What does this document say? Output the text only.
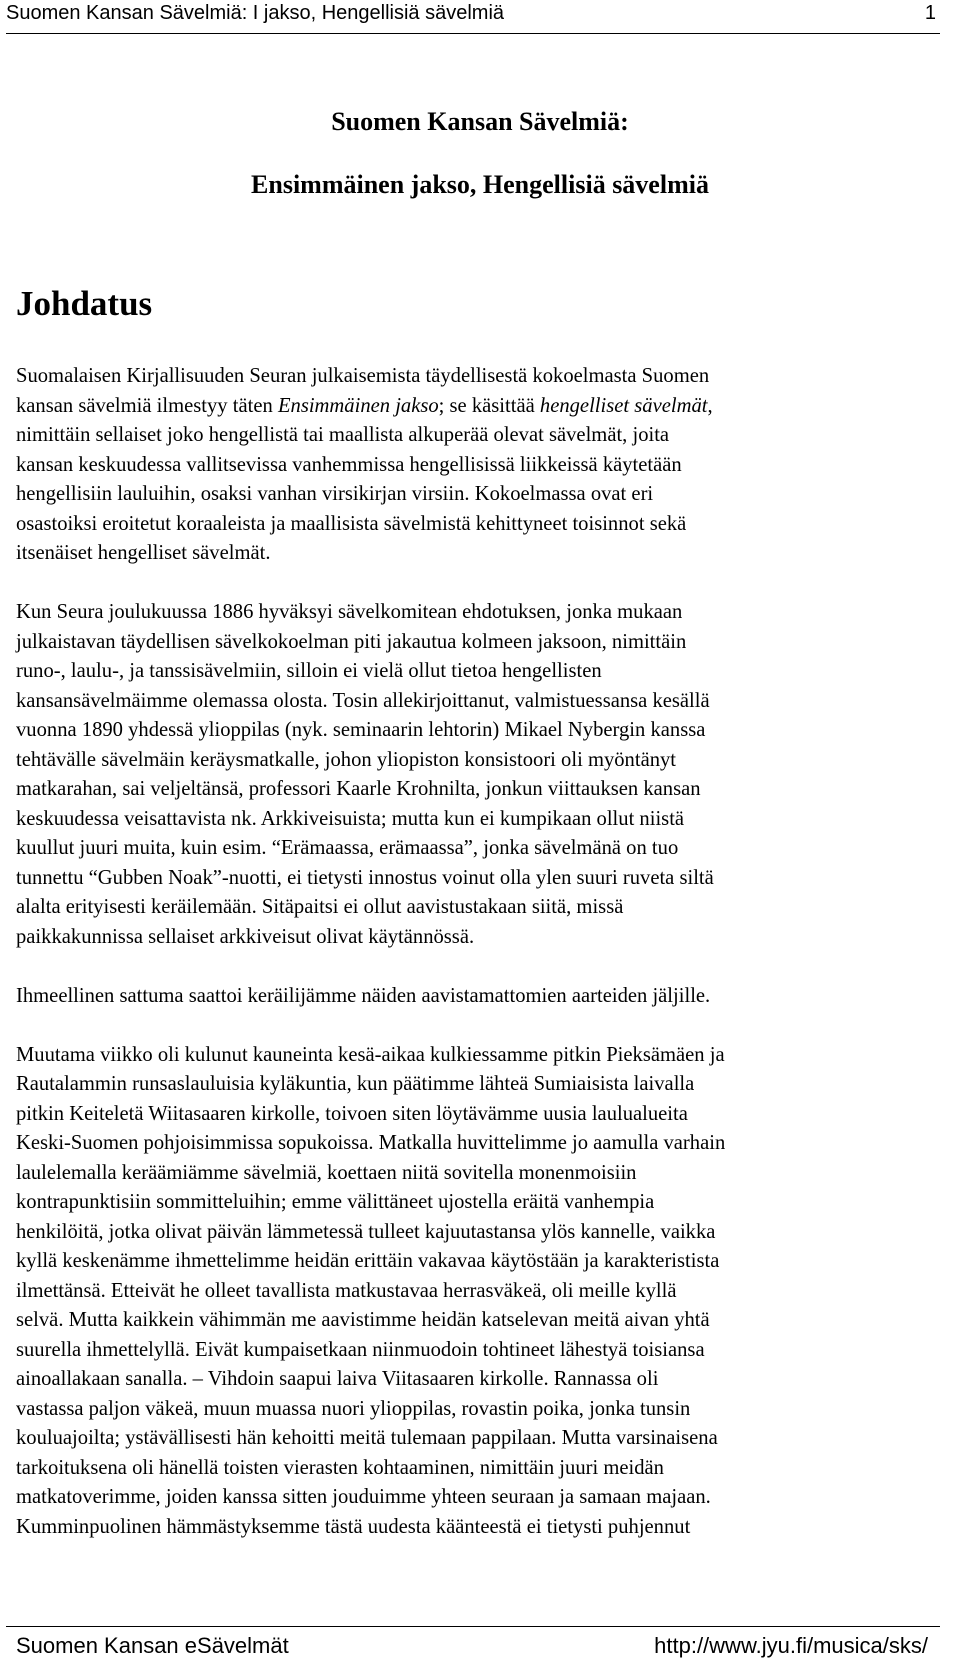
Suomen Kansan Sävelmiä: I jakso, Hengellisiä sävelmiä	1
Suomen Kansan Sävelmiä:
Ensimmäinen jakso, Hengellisiä sävelmiä
Johdatus

Suomalaisen Kirjallisuuden Seuran julkaisemista täydellisestä kokoelmasta Suomen
kansan sävelmiä ilmestyy täten Ensimmäinen jakso; se käsittää hengelliset sävelmät,
nimittäin sellaiset joko hengellistä tai maallista alkuperää olevat sävelmät, joita
kansan keskuudessa vallitsevissa vanhemmissa hengellisissä liikkeissä käytetään
hengellisiin lauluihin, osaksi vanhan virsikirjan virsiin. Kokoelmassa ovat eri
osastoiksi eroitetut koraaleista ja maallisista sävelmistä kehittyneet toisinnot sekä
itsenäiset hengelliset sävelmät.

Kun Seura joulukuussa 1886 hyväksyi sävelkomitean ehdotuksen, jonka mukaan
julkaistavan täydellisen sävelkokoelman piti jakautua kolmeen jaksoon, nimittäin
runo-, laulu-, ja tanssisävelmiin, silloin ei vielä ollut tietoa hengellisten
kansansävelmäimme olemassa olosta. Tosin allekirjoittanut, valmistuessansa kesällä
vuonna 1890 yhdessä ylioppilas (nyk. seminaarin lehtorin) Mikael Nybergin kanssa
tehtävälle sävelmäin keräysmatkalle, johon yliopiston konsistoori oli myöntänyt
matkarahan, sai veljeltänsä, professori Kaarle Krohnilta, jonkun viittauksen kansan
keskuudessa veisattavista nk. Arkkiveisuista; mutta kun ei kumpikaan ollut niistä
kuullut juuri muita, kuin esim. “Erämaassa, erämaassa”, jonka sävelmänä on tuo
tunnettu “Gubben Noak”-nuotti, ei tietysti innostus voinut olla ylen suuri ruveta siltä
alalta erityisesti keräilemään. Sitäpaitsi ei ollut aavistustakaan siitä, missä
paikkakunnissa sellaiset arkkiveisut olivat käytännössä.

Ihmeellinen sattuma saattoi keräilijämme näiden aavistamattomien aarteiden jäljille.

Muutama viikko oli kulunut kauneinta kesä-aikaa kulkiessamme pitkin Pieksämäen ja
Rautalammin runsaslauluisia kyläkuntia, kun päätimme lähteä Sumiaisista laivalla
pitkin Keiteletä Wiitasaaren kirkolle, toivoen siten löytävämme uusia laulualueita
Keski-Suomen pohjoisimmissa sopukoissa. Matkalla huvittelimme jo aamulla varhain
laulelemalla keräämiämme sävelmiä, koettaen niitä sovitella monenmoisiin
kontrapunktisiin sommitteluihin; emme välittäneet ujostella eräitä vanhempia
henkilöitä, jotka olivat päivän lämmetessä tulleet kajuutastansa ylös kannelle, vaikka
kyllä keskenämme ihmettelimme heidän erittäin vakavaa käytöstään ja karakteristista
ilmettänsä. Etteivät he olleet tavallista matkustavaa herrasväkeä, oli meille kyllä
selvä. Mutta kaikkein vähimmän me aavistimme heidän katselevan meitä aivan yhtä
suurella ihmettelyllä. Eivät kumpaisetkaan niinmuodoin tohtineet lähestyä toisiansa
ainoallakaan sanalla. – Vihdoin saapui laiva Viitasaaren kirkolle. Rannassa oli
vastassa paljon väkeä, muun muassa nuori ylioppilas, rovastin poika, jonka tunsin
kouluajoilta; ystävällisesti hän kehoitti meitä tulemaan pappilaan. Mutta varsinaisena
tarkoituksena oli hänellä toisten vierasten kohtaaminen, nimittäin juuri meidän
matkatoverimme, joiden kanssa sitten jouduimme yhteen seuraan ja samaan majaan.
Kumminpuolinen hämmästyksemme tästä uudesta käänteestä ei tietysti puhjennut

Suomen Kansan eSävelmät	http://www.jyu.fi/musica/sks/
